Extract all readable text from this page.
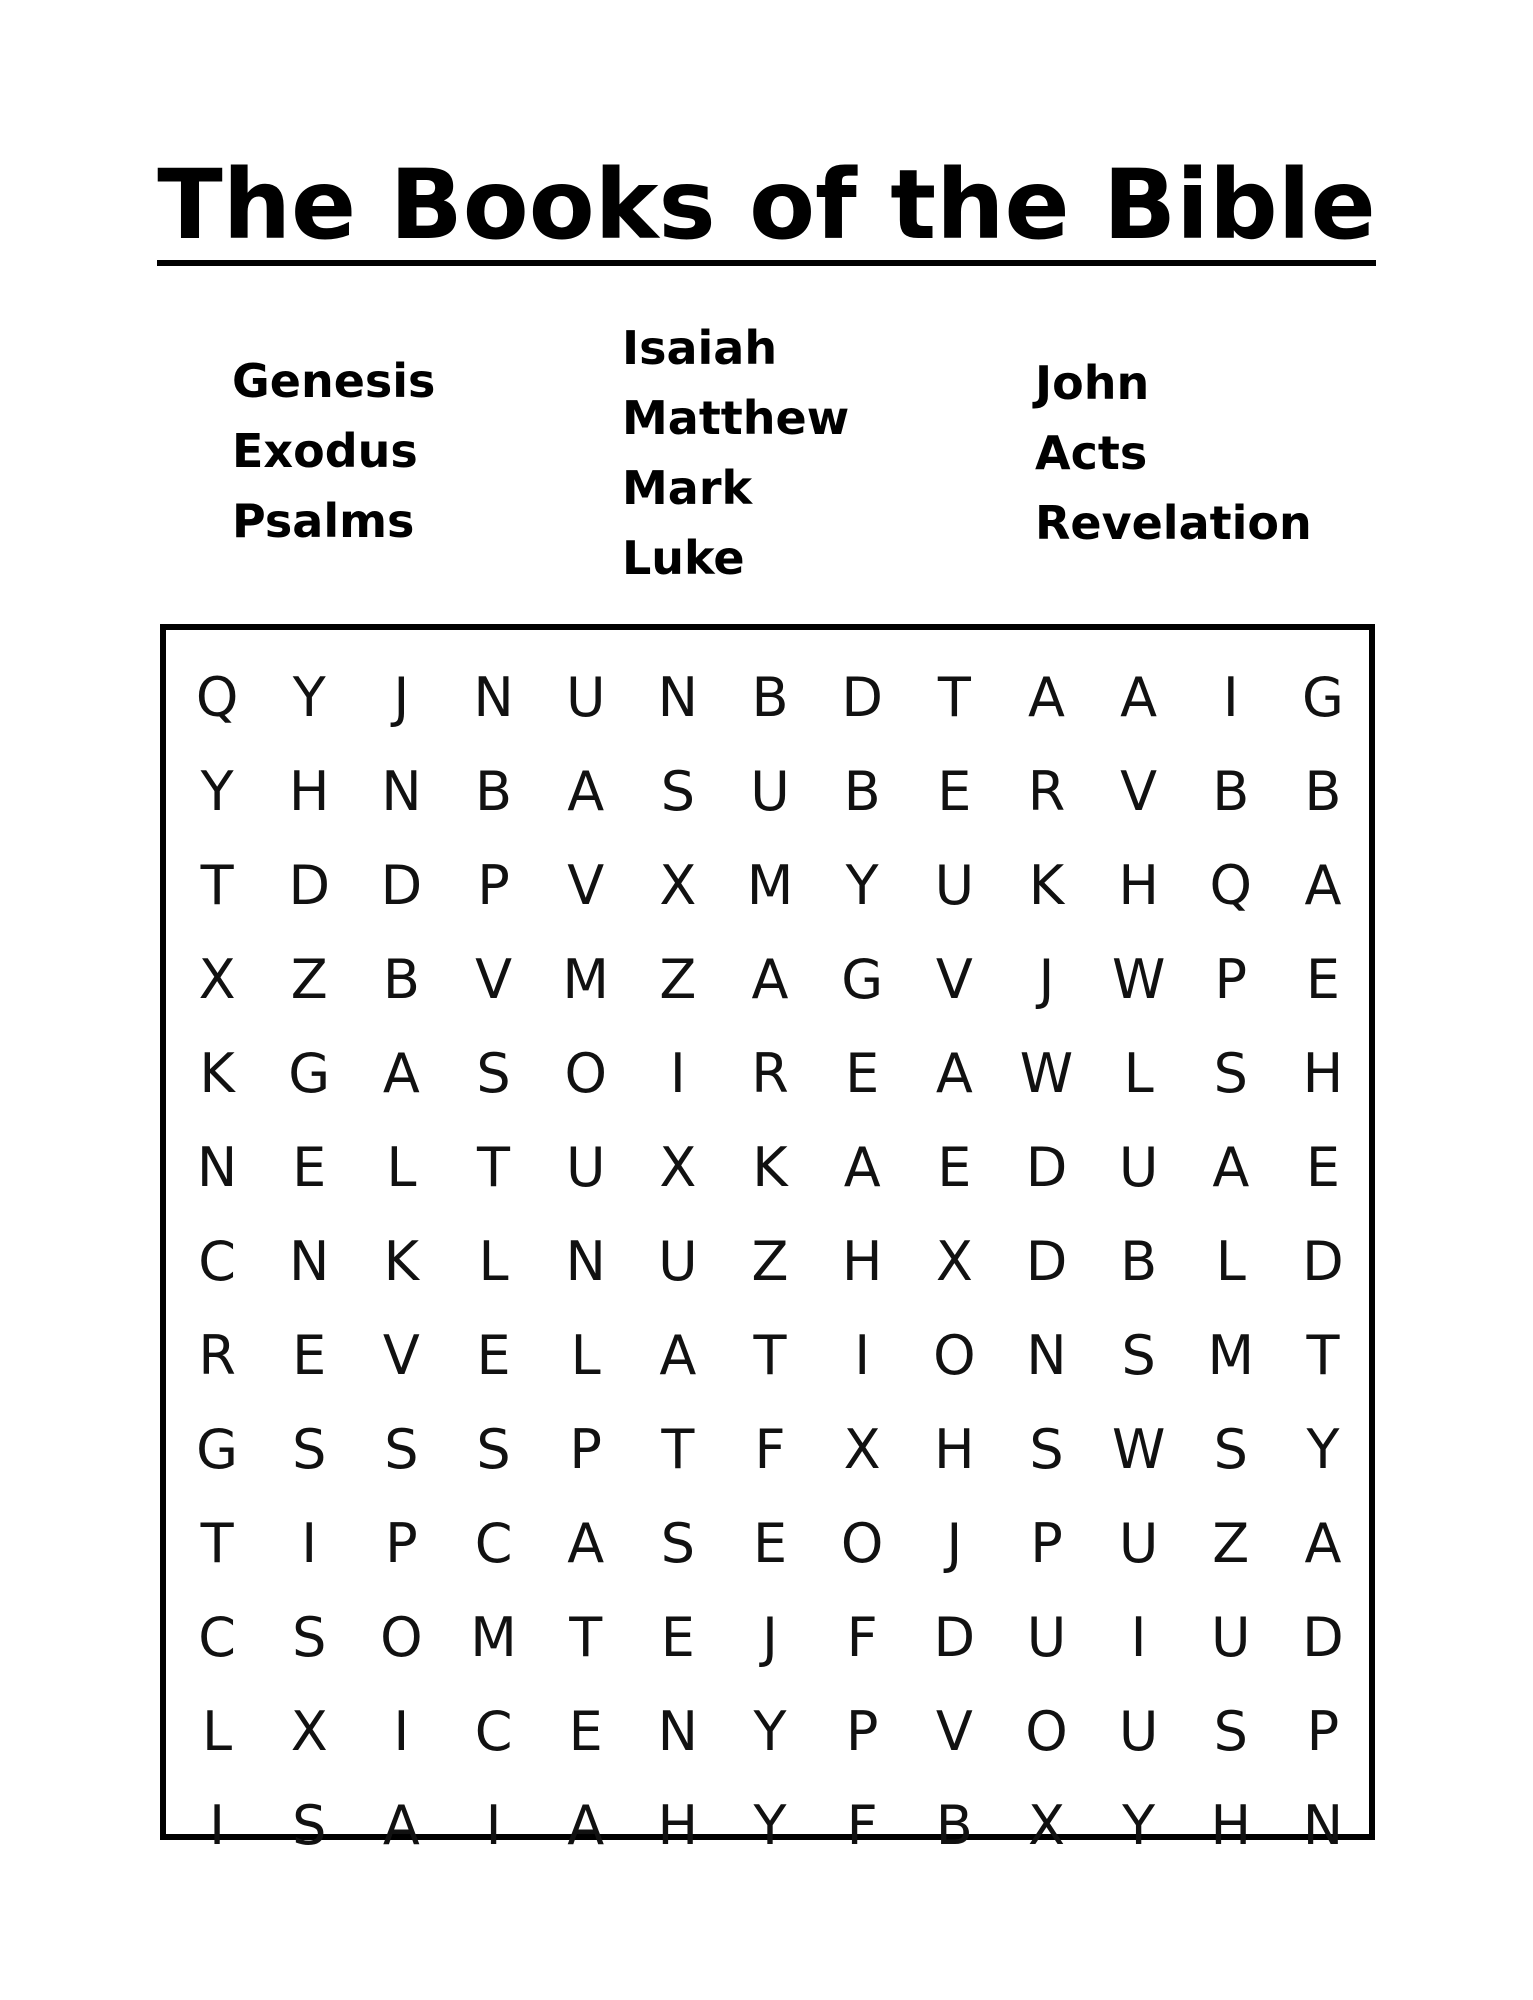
The Books of the Bible
Genesis
Exodus
Psalms
Isaiah
Matthew
Mark
Luke
John
Acts
Revelation
Q	Y	J	N U N B D	T	A	A	I	G
Y	H N B	A	S	U B	E	R	V	B	B
T	D D	P	V	X M Y	U	K	H Q A
X	Z	B	V M Z	A G V	J	W P	E
K G A	S O	I	R	E	A W L	S	H
N	E	L	T	U X	K	A	E	D U A	E
C N	K	L	N U Z H X D B	L	D
R	E	V	E	L	A	T	I	O N	S M T
G	S	S	S	P	T	F	X H	S W S	Y
T	I	P	C	A	S	E O	J	P	U Z	A
C	S O M T	E	J	F	D U	I	U D
L	X	I	C	E	N	Y	P	V O U	S	P
I	S	A	I	A H	Y	F	B	X	Y	H N
